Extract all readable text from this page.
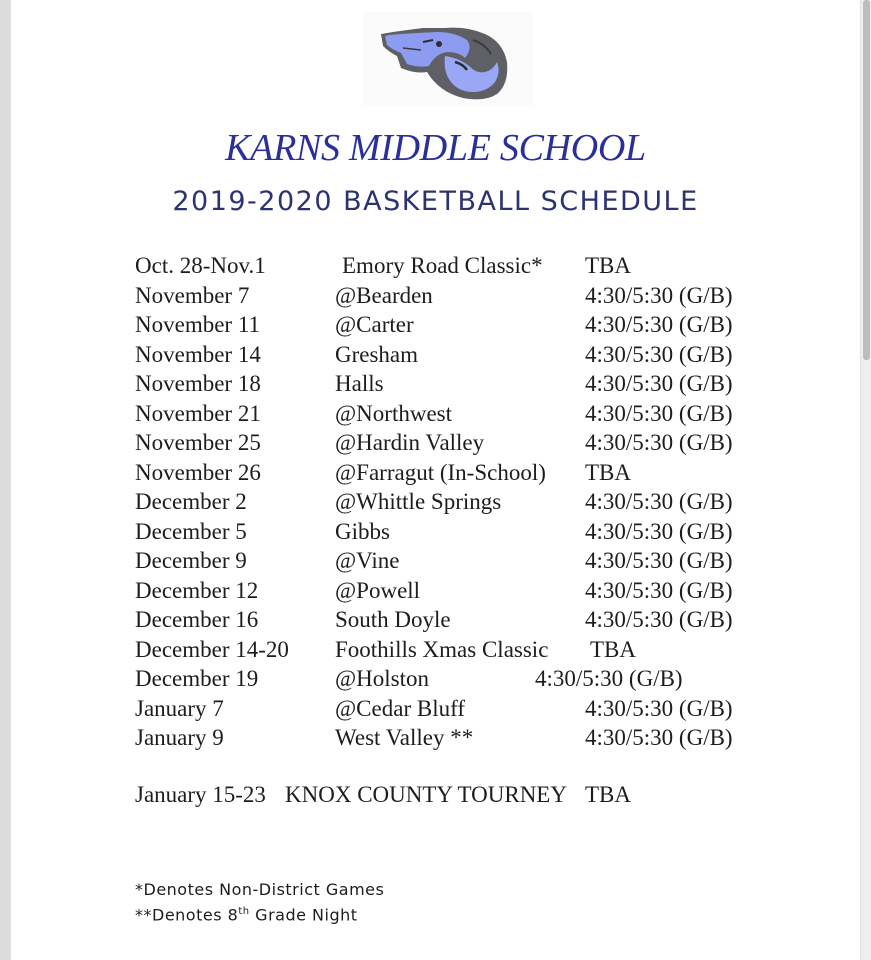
KARNS MIDDLE SCHOOL
2019-2020 BASKETBALL SCHEDULE
Oct. 28-Nov.1	Emory Road Classic* TBA
November 7	@Bearden	4:30/5:30 (G/B)
November 11	@Carter	4:30/5:30 (G/B)
November 14	Gresham	4:30/5:30 (G/B)
November 18	Halls	4:30/5:30 (G/B)
November 21	@Northwest	4:30/5:30 (G/B)
November 25	@Hardin Valley	4:30/5:30 (G/B)
November 26	@Farragut (In-School) TBA
December 2	@Whittle Springs	4:30/5:30 (G/B)
December 5	Gibbs	4:30/5:30 (G/B)
December 9	@Vine	4:30/5:30 (G/B)
December 12	@Powell	4:30/5:30 (G/B)
December 16	South Doyle	4:30/5:30 (G/B)
December 14-20 Foothills Xmas Classic TBA
December 19	@Holston	4:30/5:30 (G/B)
January 7	@Cedar Bluff	4:30/5:30 (G/B)
January 9	West Valley **	4:30/5:30 (G/B)
January 15-23 KNOX COUNTY TOURNEY TBA
*Denotes Non-District Games
**Denotes 8th Grade Night
